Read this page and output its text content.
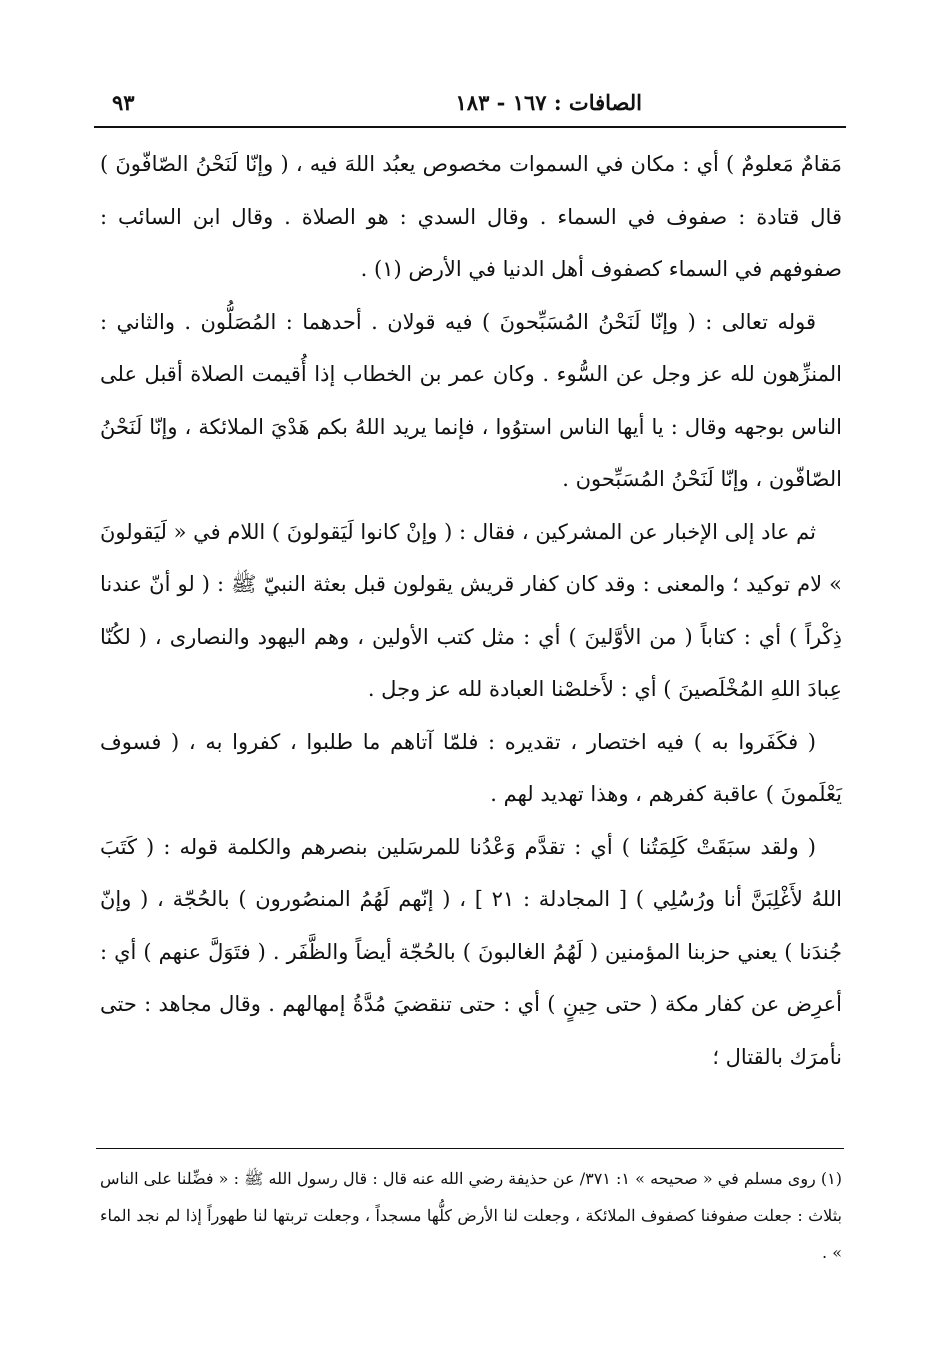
الصافات : ١٦٧ - ١٨٣
٩٣

مَقامٌ مَعلومٌ ) أي : مكان في السموات مخصوص يعبُد اللهَ فيه ، ( وإنّا لَنَحْنُ الصّافّونَ ) قال قتادة : صفوف في السماء . وقال السدي : هو الصلاة . وقال ابن السائب : صفوفهم في السماء كصفوف أهل الدنيا في الأرض (١) .

قوله تعالى : ( وإنّا لَنَحْنُ المُسَبِّحونَ ) فيه قولان . أحدهما : المُصَلُّون . والثاني : المنزِّهون لله عز وجل عن السُّوء . وكان عمر بن الخطاب إذا أُقيمت الصلاة أقبل على الناس بوجهه وقال : يا أيها الناس استوُوا ، فإنما يريد اللهُ بكم هَدْيَ الملائكة ، وإنّا لَنَحْنُ الصّافّون ، وإنّا لَنَحْنُ المُسَبِّحون .

ثم عاد إلى الإخبار عن المشركين ، فقال : ( وإنْ كانوا لَيَقولونَ ) اللام في « لَيَقولونَ » لام توكيد ؛ والمعنى : وقد كان كفار قريش يقولون قبل بعثة النبيّ ﷺ : ( لو أنّ عندنا ذِكْراً ) أي : كتاباً ( من الأوَّلينَ ) أي : مثل كتب الأولين ، وهم اليهود والنصارى ، ( لكُنّا عِبادَ اللهِ المُخْلَصينَ ) أي : لأَخلصْنا العبادة لله عز وجل .

( فكَفَروا به ) فيه اختصار ، تقديره : فلمّا آتاهم ما طلبوا ، كفروا به ، ( فسوف يَعْلَمونَ ) عاقبة كفرهم ، وهذا تهديد لهم .

( ولقد سبَقَتْ كَلِمَتُنا ) أي : تقدَّم وَعْدُنا للمرسَلين بنصرهم والكلمة قوله : ( كَتَبَ اللهُ لأَغْلِبَنَّ أنا ورُسُلِي ) [ المجادلة : ٢١ ] ، ( إنّهم لَهُمُ المنصُورون ) بالحُجّة ، ( وإنّ جُندَنا ) يعني حزبنا المؤمنين ( لَهُمُ الغالبونَ ) بالحُجّة أيضاً والظَّفَر . ( فتَوَلَّ عنهم ) أي : أعرِض عن كفار مكة ( حتى حِينٍ ) أي : حتى تنقضيَ مُدَّةُ إمهالهم . وقال مجاهد : حتى نأمرَك بالقتال ؛

(١) روى مسلم في « صحيحه » ١: ٣٧١/ عن حذيفة رضي الله عنه قال : قال رسول الله ﷺ : « فضِّلنا على الناس بثلاث : جعلت صفوفنا كصفوف الملائكة ، وجعلت لنا الأرض كلُّها مسجداً ، وجعلت تربتها لنا طهوراً إذا لم نجد الماء » .
